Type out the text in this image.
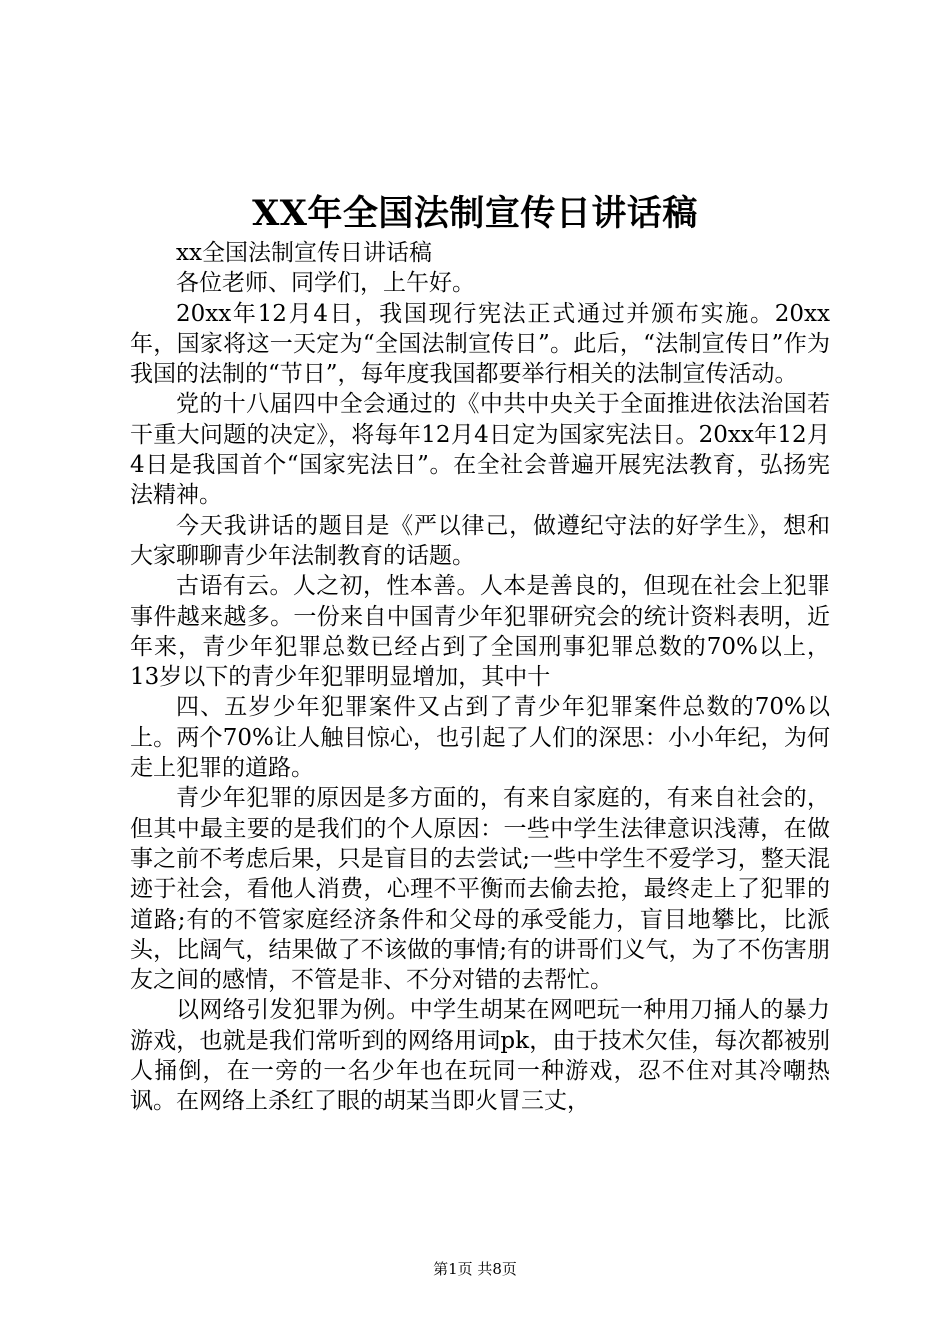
XX年全国法制宣传日讲话稿

xx全国法制宣传日讲话稿

各位老师、同学们，上午好。

20xx年12月4日，我国现行宪法正式通过并颁布实施。20xx年，国家将这一天定为“全国法制宣传日”。此后，“法制宣传日”作为我国的法制的“节日”，每年度我国都要举行相关的法制宣传活动。

党的十八届四中全会通过的《中共中央关于全面推进依法治国若干重大问题的决定》，将每年12月4日定为国家宪法日。20xx年12月4日是我国首个“国家宪法日”。在全社会普遍开展宪法教育，弘扬宪法精神。

今天我讲话的题目是《严以律己，做遵纪守法的好学生》，想和大家聊聊青少年法制教育的话题。

古语有云。人之初，性本善。人本是善良的，但现在社会上犯罪事件越来越多。一份来自中国青少年犯罪研究会的统计资料表明，近年来，青少年犯罪总数已经占到了全国刑事犯罪总数的70%以上，13岁以下的青少年犯罪明显增加，其中十

四、五岁少年犯罪案件又占到了青少年犯罪案件总数的70%以上。两个70%让人触目惊心，也引起了人们的深思：小小年纪，为何走上犯罪的道路。

青少年犯罪的原因是多方面的，有来自家庭的，有来自社会的，但其中最主要的是我们的个人原因：一些中学生法律意识浅薄，在做事之前不考虑后果，只是盲目的去尝试;一些中学生不爱学习，整天混迹于社会，看他人消费，心理不平衡而去偷去抢，最终走上了犯罪的道路;有的不管家庭经济条件和父母的承受能力，盲目地攀比，比派头，比阔气，结果做了不该做的事情;有的讲哥们义气，为了不伤害朋友之间的感情，不管是非、不分对错的去帮忙。

以网络引发犯罪为例。中学生胡某在网吧玩一种用刀捅人的暴力游戏，也就是我们常听到的网络用词pk，由于技术欠佳，每次都被别人捅倒，在一旁的一名少年也在玩同一种游戏，忍不住对其冷嘲热讽。在网络上杀红了眼的胡某当即火冒三丈，

第1页 共8页
